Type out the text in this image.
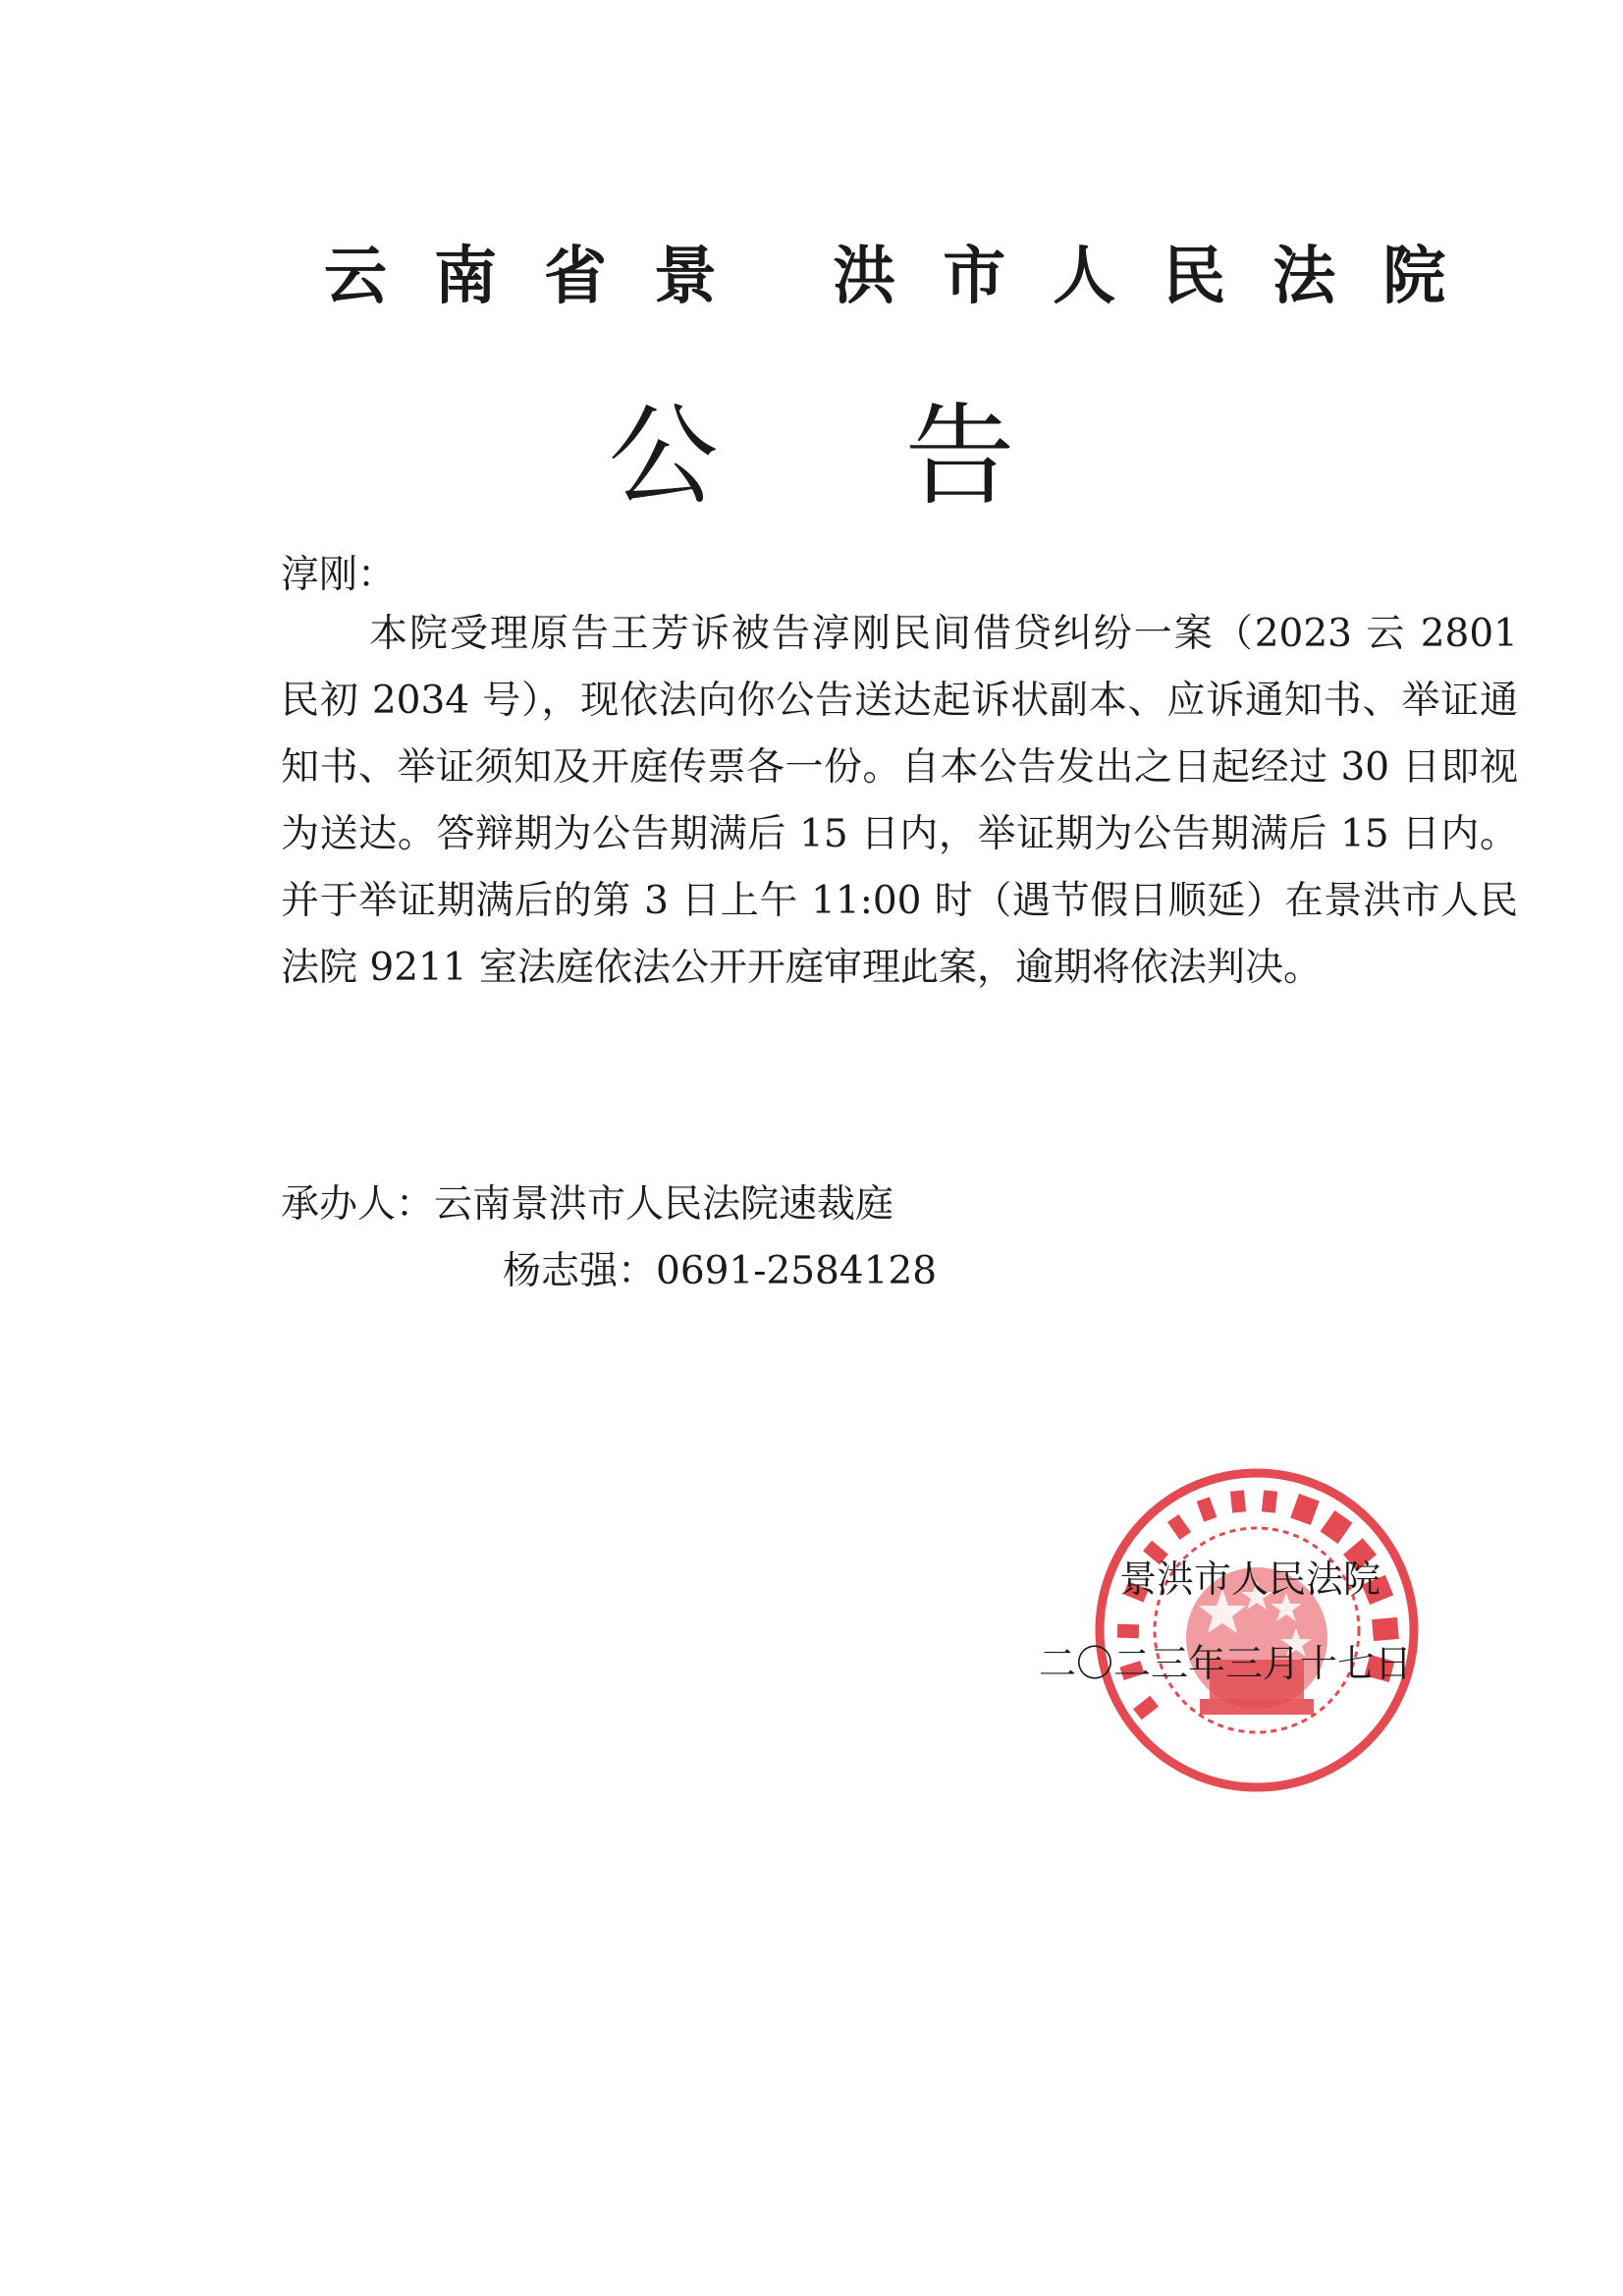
云南省景 洪市人民法院
公告
淳刚：
本院受理原告王芳诉被告淳刚民间借贷纠纷一案（2023 云 2801 民初 2034 号），现依法向你公告送达起诉状副本、应诉通知书、举证通知书、举证须知及开庭传票各一份。自本公告发出之日起经过 30 日即视为送达。答辩期为公告期满后 15 日内，举证期为公告期满后 15 日内。并于举证期满后的第 3 日上午 11:00 时（遇节假日顺延）在景洪市人民法院 9211 室法庭依法公开开庭审理此案，逾期将依法判决。
承办人：云南景洪市人民法院速裁庭
杨志强：0691-2584128
景洪市人民法院
二〇二三年三月十七日
